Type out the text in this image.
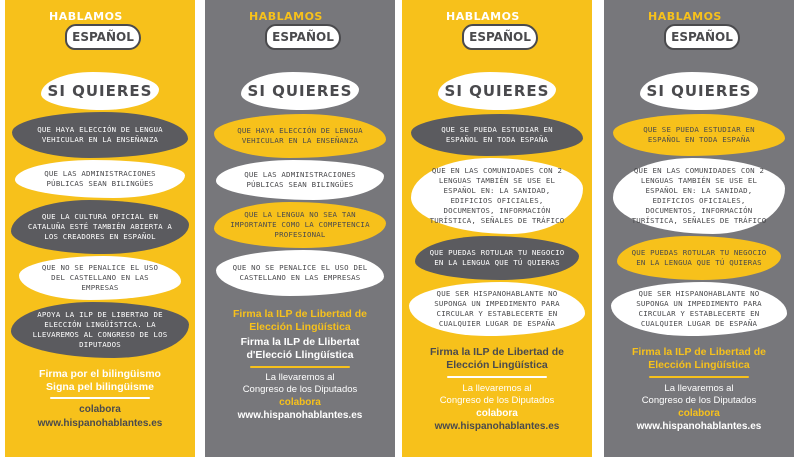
HABLAMOS
ESPAÑOL
SI QUIERES
QUE HAYA ELECCIÓN DE LENGUA VEHICULAR EN LA ENSEÑANZA
QUE LAS ADMINISTRACIONES PÚBLICAS SEAN BILINGÜES
QUE LA CULTURA OFICIAL EN CATALUÑA ESTÉ TAMBIÉN ABIERTA A LOS CREADORES EN ESPAÑOL
QUE NO SE PENALICE EL USO DEL CASTELLANO EN LAS EMPRESAS
APOYA LA ILP DE LIBERTAD DE ELECCIÓN LINGÜÍSTICA. LA LLEVAREMOS AL CONGRESO DE LOS DIPUTADOS
Firma por el bilingüismo
Signa pel bilingüisme
colabora
www.hispanohablantes.es
HABLAMOS
ESPAÑOL
SI QUIERES
QUE HAYA ELECCIÓN DE LENGUA VEHICULAR EN LA ENSEÑANZA
QUE LAS ADMINISTRACIONES PÚBLICAS SEAN BILINGÜES
QUE LA LENGUA NO SEA TAN IMPORTANTE COMO LA COMPETENCIA PROFESIONAL
QUE NO SE PENALICE EL USO DEL CASTELLANO EN LAS EMPRESAS
Firma la ILP de Libertad de Elección Lingüística
Firma la ILP de Llibertat d'Elecció Llingüística
La llevaremos al
Congreso de los Diputados
colabora
www.hispanohablantes.es
HABLAMOS
ESPAÑOL
SI QUIERES
QUE SE PUEDA ESTUDIAR EN ESPAÑOL EN TODA ESPAÑA
QUE EN LAS COMUNIDADES CON 2 LENGUAS TAMBIÉN SE USE EL ESPAÑOL EN: LA SANIDAD, EDIFICIOS OFICIALES, DOCUMENTOS, INFORMACIÓN TURÍSTICA, SEÑALES DE TRÁFICO
QUE PUEDAS ROTULAR TU NEGOCIO EN LA LENGUA QUE TÚ QUIERAS
QUE SER HISPANOHABLANTE NO SUPONGA UN IMPEDIMENTO PARA CIRCULAR Y ESTABLECERTE EN CUALQUIER LUGAR DE ESPAÑA
Firma la ILP de Libertad de Elección Lingüística
La llevaremos al
Congreso de los Diputados
colabora
www.hispanohablantes.es
HABLAMOS
ESPAÑOL
SI QUIERES
QUE SE PUEDA ESTUDIAR EN ESPAÑOL EN TODA ESPAÑA
QUE EN LAS COMUNIDADES CON 2 LENGUAS TAMBIÉN SE USE EL ESPAÑOL EN: LA SANIDAD, EDIFICIOS OFICIALES, DOCUMENTOS, INFORMACIÓN TURÍSTICA, SEÑALES DE TRÁFICO
QUE PUEDAS ROTULAR TU NEGOCIO EN LA LENGUA QUE TÚ QUIERAS
QUE SER HISPANOHABLANTE NO SUPONGA UN IMPEDIMENTO PARA CIRCULAR Y ESTABLECERTE EN CUALQUIER LUGAR DE ESPAÑA
Firma la ILP de Libertad de Elección Lingüística
La llevaremos al
Congreso de los Diputados
colabora
www.hispanohablantes.es
